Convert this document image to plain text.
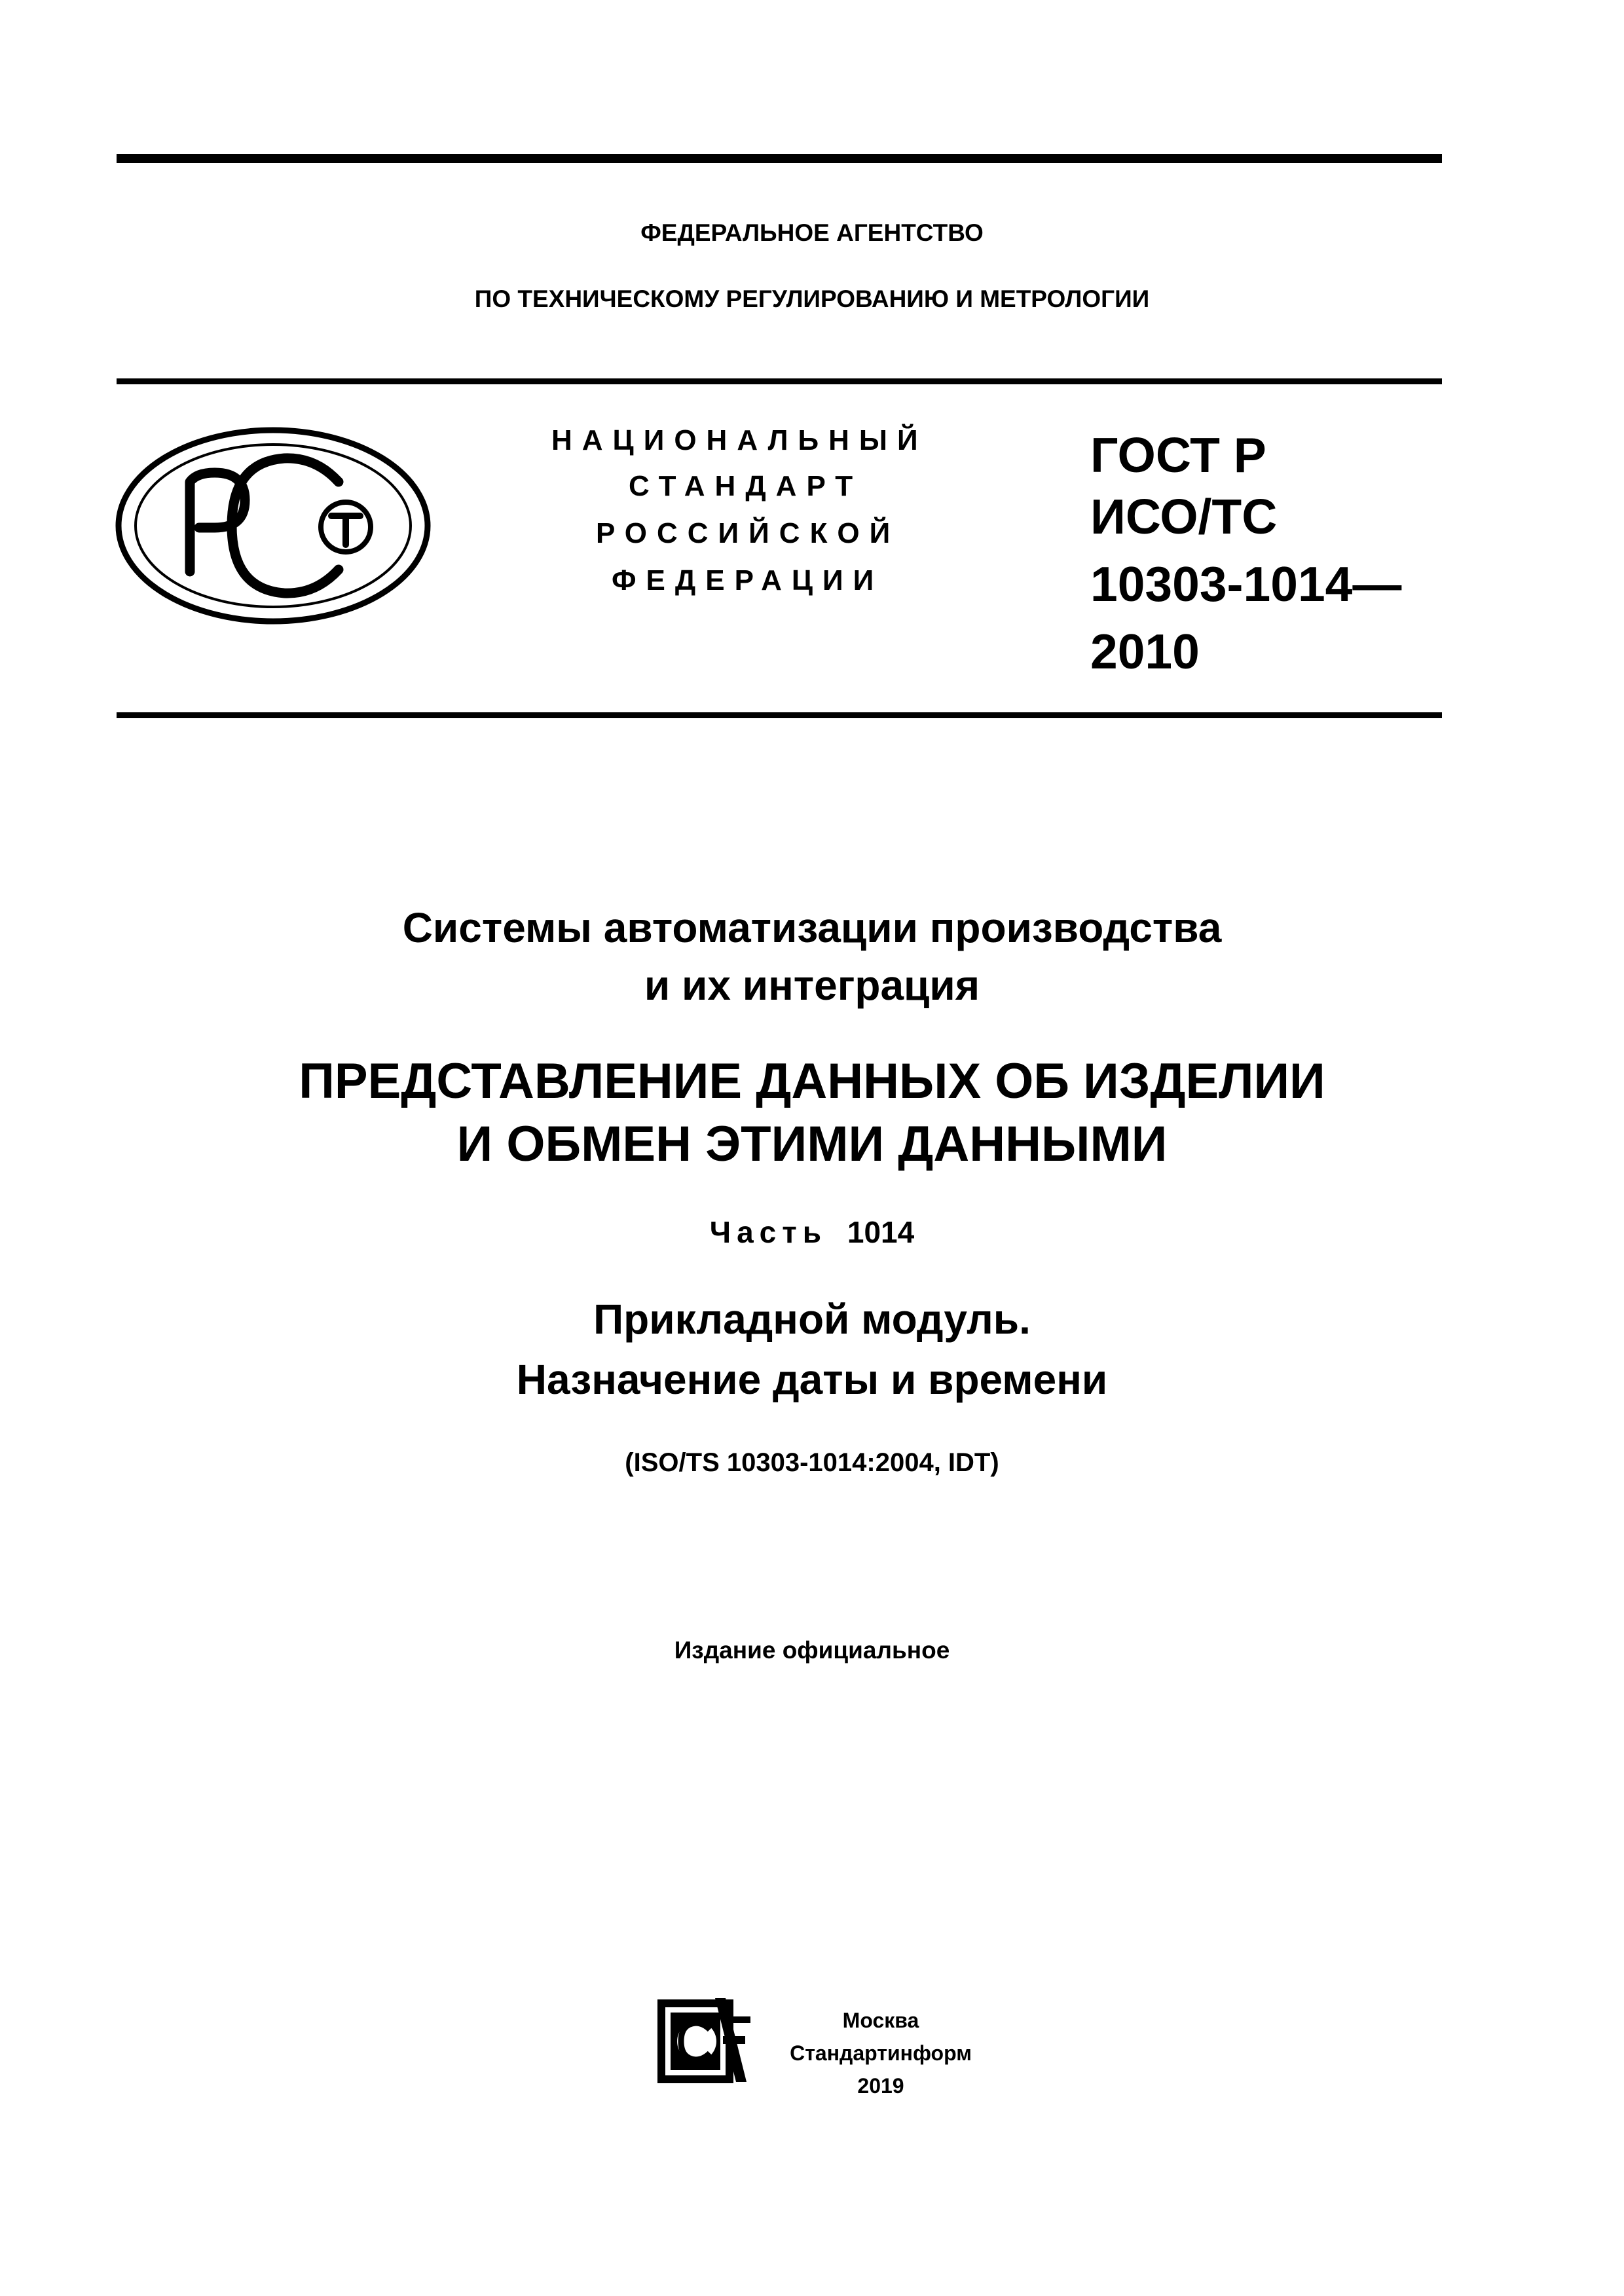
ФЕДЕРАЛЬНОЕ АГЕНТСТВО
ПО ТЕХНИЧЕСКОМУ РЕГУЛИРОВАНИЮ И МЕТРОЛОГИИ
НАЦИОНАЛЬНЫЙ
СТАНДАРТ
РОССИЙСКОЙ
ФЕДЕРАЦИИ
ГОСТ Р
ИСО/ТС
10303-1014—
2010
Системы автоматизации производства
и их интеграция
ПРЕДСТАВЛЕНИЕ ДАННЫХ ОБ ИЗДЕЛИИ
И ОБМЕН ЭТИМИ ДАННЫМИ
Часть 1014
Прикладной модуль.
Назначение даты и времени
(ISO/TS 10303-1014:2004, IDT)
Издание официальное
Москва
Стандартинформ
2019
